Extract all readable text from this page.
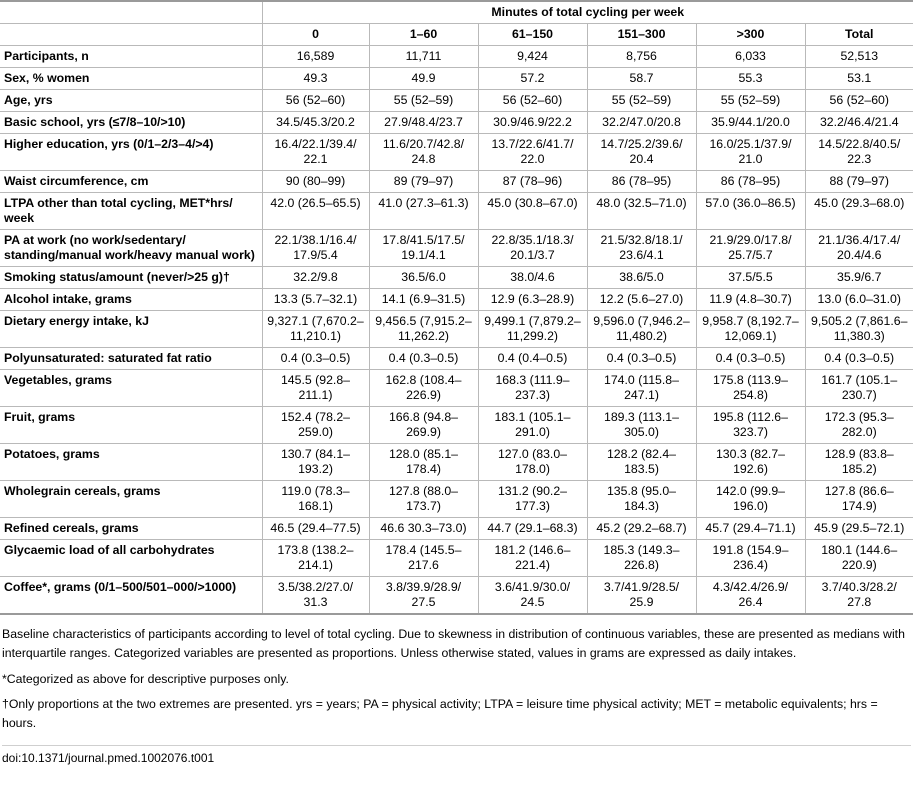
	Minutes of total cycling per week					
	0	1–60	61–150	151–300	>300	Total
Participants, n	16,589	11,711	9,424	8,756	6,033	52,513
Sex, % women	49.3	49.9	57.2	58.7	55.3	53.1
Age, yrs	56 (52–60)	55 (52–59)	56 (52–60)	55 (52–59)	55 (52–59)	56 (52–60)
Basic school, yrs (≤7/8–10/>10)	34.5/45.3/20.2	27.9/48.4/23.7	30.9/46.9/22.2	32.2/47.0/20.8	35.9/44.1/20.0	32.2/46.4/21.4
Higher education, yrs (0/1–2/3–4/>4)	16.4/22.1/39.4/ 22.1	11.6/20.7/42.8/ 24.8	13.7/22.6/41.7/ 22.0	14.7/25.2/39.6/ 20.4	16.0/25.1/37.9/ 21.0	14.5/22.8/40.5/ 22.3
Waist circumference, cm	90 (80–99)	89 (79–97)	87 (78–96)	86 (78–95)	86 (78–95)	88 (79–97)
LTPA other than total cycling, MET*hrs/ week	42.0 (26.5–65.5)	41.0 (27.3–61.3)	45.0 (30.8–67.0)	48.0 (32.5–71.0)	57.0 (36.0–86.5)	45.0 (29.3–68.0)
PA at work (no work/sedentary/ standing/manual work/heavy manual work)	22.1/38.1/16.4/ 17.9/5.4	17.8/41.5/17.5/ 19.1/4.1	22.8/35.1/18.3/ 20.1/3.7	21.5/32.8/18.1/ 23.6/4.1	21.9/29.0/17.8/ 25.7/5.7	21.1/36.4/17.4/ 20.4/4.6
Smoking status/amount (never/>25 g)†	32.2/9.8	36.5/6.0	38.0/4.6	38.6/5.0	37.5/5.5	35.9/6.7
Alcohol intake, grams	13.3 (5.7–32.1)	14.1 (6.9–31.5)	12.9 (6.3–28.9)	12.2 (5.6–27.0)	11.9 (4.8–30.7)	13.0 (6.0–31.0)
Dietary energy intake, kJ	9,327.1 (7,670.2– 11,210.1)	9,456.5 (7,915.2– 11,262.2)	9,499.1 (7,879.2– 11,299.2)	9,596.0 (7,946.2– 11,480.2)	9,958.7 (8,192.7– 12,069.1)	9,505.2 (7,861.6– 11,380.3)
Polyunsaturated: saturated fat ratio	0.4 (0.3–0.5)	0.4 (0.3–0.5)	0.4 (0.4–0.5)	0.4 (0.3–0.5)	0.4 (0.3–0.5)	0.4 (0.3–0.5)
Vegetables, grams	145.5 (92.8– 211.1)	162.8 (108.4– 226.9)	168.3 (111.9– 237.3)	174.0 (115.8– 247.1)	175.8 (113.9– 254.8)	161.7 (105.1– 230.7)
Fruit, grams	152.4 (78.2– 259.0)	166.8 (94.8– 269.9)	183.1 (105.1– 291.0)	189.3 (113.1– 305.0)	195.8 (112.6– 323.7)	172.3 (95.3– 282.0)
Potatoes, grams	130.7 (84.1– 193.2)	128.0 (85.1– 178.4)	127.0 (83.0– 178.0)	128.2 (82.4– 183.5)	130.3 (82.7– 192.6)	128.9 (83.8– 185.2)
Wholegrain cereals, grams	119.0 (78.3– 168.1)	127.8 (88.0– 173.7)	131.2 (90.2– 177.3)	135.8 (95.0– 184.3)	142.0 (99.9– 196.0)	127.8 (86.6– 174.9)
Refined cereals, grams	46.5 (29.4–77.5)	46.6 30.3–73.0)	44.7 (29.1–68.3)	45.2 (29.2–68.7)	45.7 (29.4–71.1)	45.9 (29.5–72.1)
Glycaemic load of all carbohydrates	173.8 (138.2– 214.1)	178.4 (145.5– 217.6	181.2 (146.6– 221.4)	185.3 (149.3– 226.8)	191.8 (154.9– 236.4)	180.1 (144.6– 220.9)
Coffee*, grams (0/1–500/501–000/>1000)	3.5/38.2/27.0/ 31.3	3.8/39.9/28.9/ 27.5	3.6/41.9/30.0/ 24.5	3.7/41.9/28.5/ 25.9	4.3/42.4/26.9/ 26.4	3.7/40.3/28.2/ 27.8

Baseline characteristics of participants according to level of total cycling. Due to skewness in distribution of continuous variables, these are presented as medians with interquartile ranges. Categorized variables are presented as proportions. Unless otherwise stated, values in grams are expressed as daily intakes.

*Categorized as above for descriptive purposes only.

†Only proportions at the two extremes are presented. yrs = years; PA = physical activity; LTPA = leisure time physical activity; MET = metabolic equivalents; hrs = hours.

doi:10.1371/journal.pmed.1002076.t001
